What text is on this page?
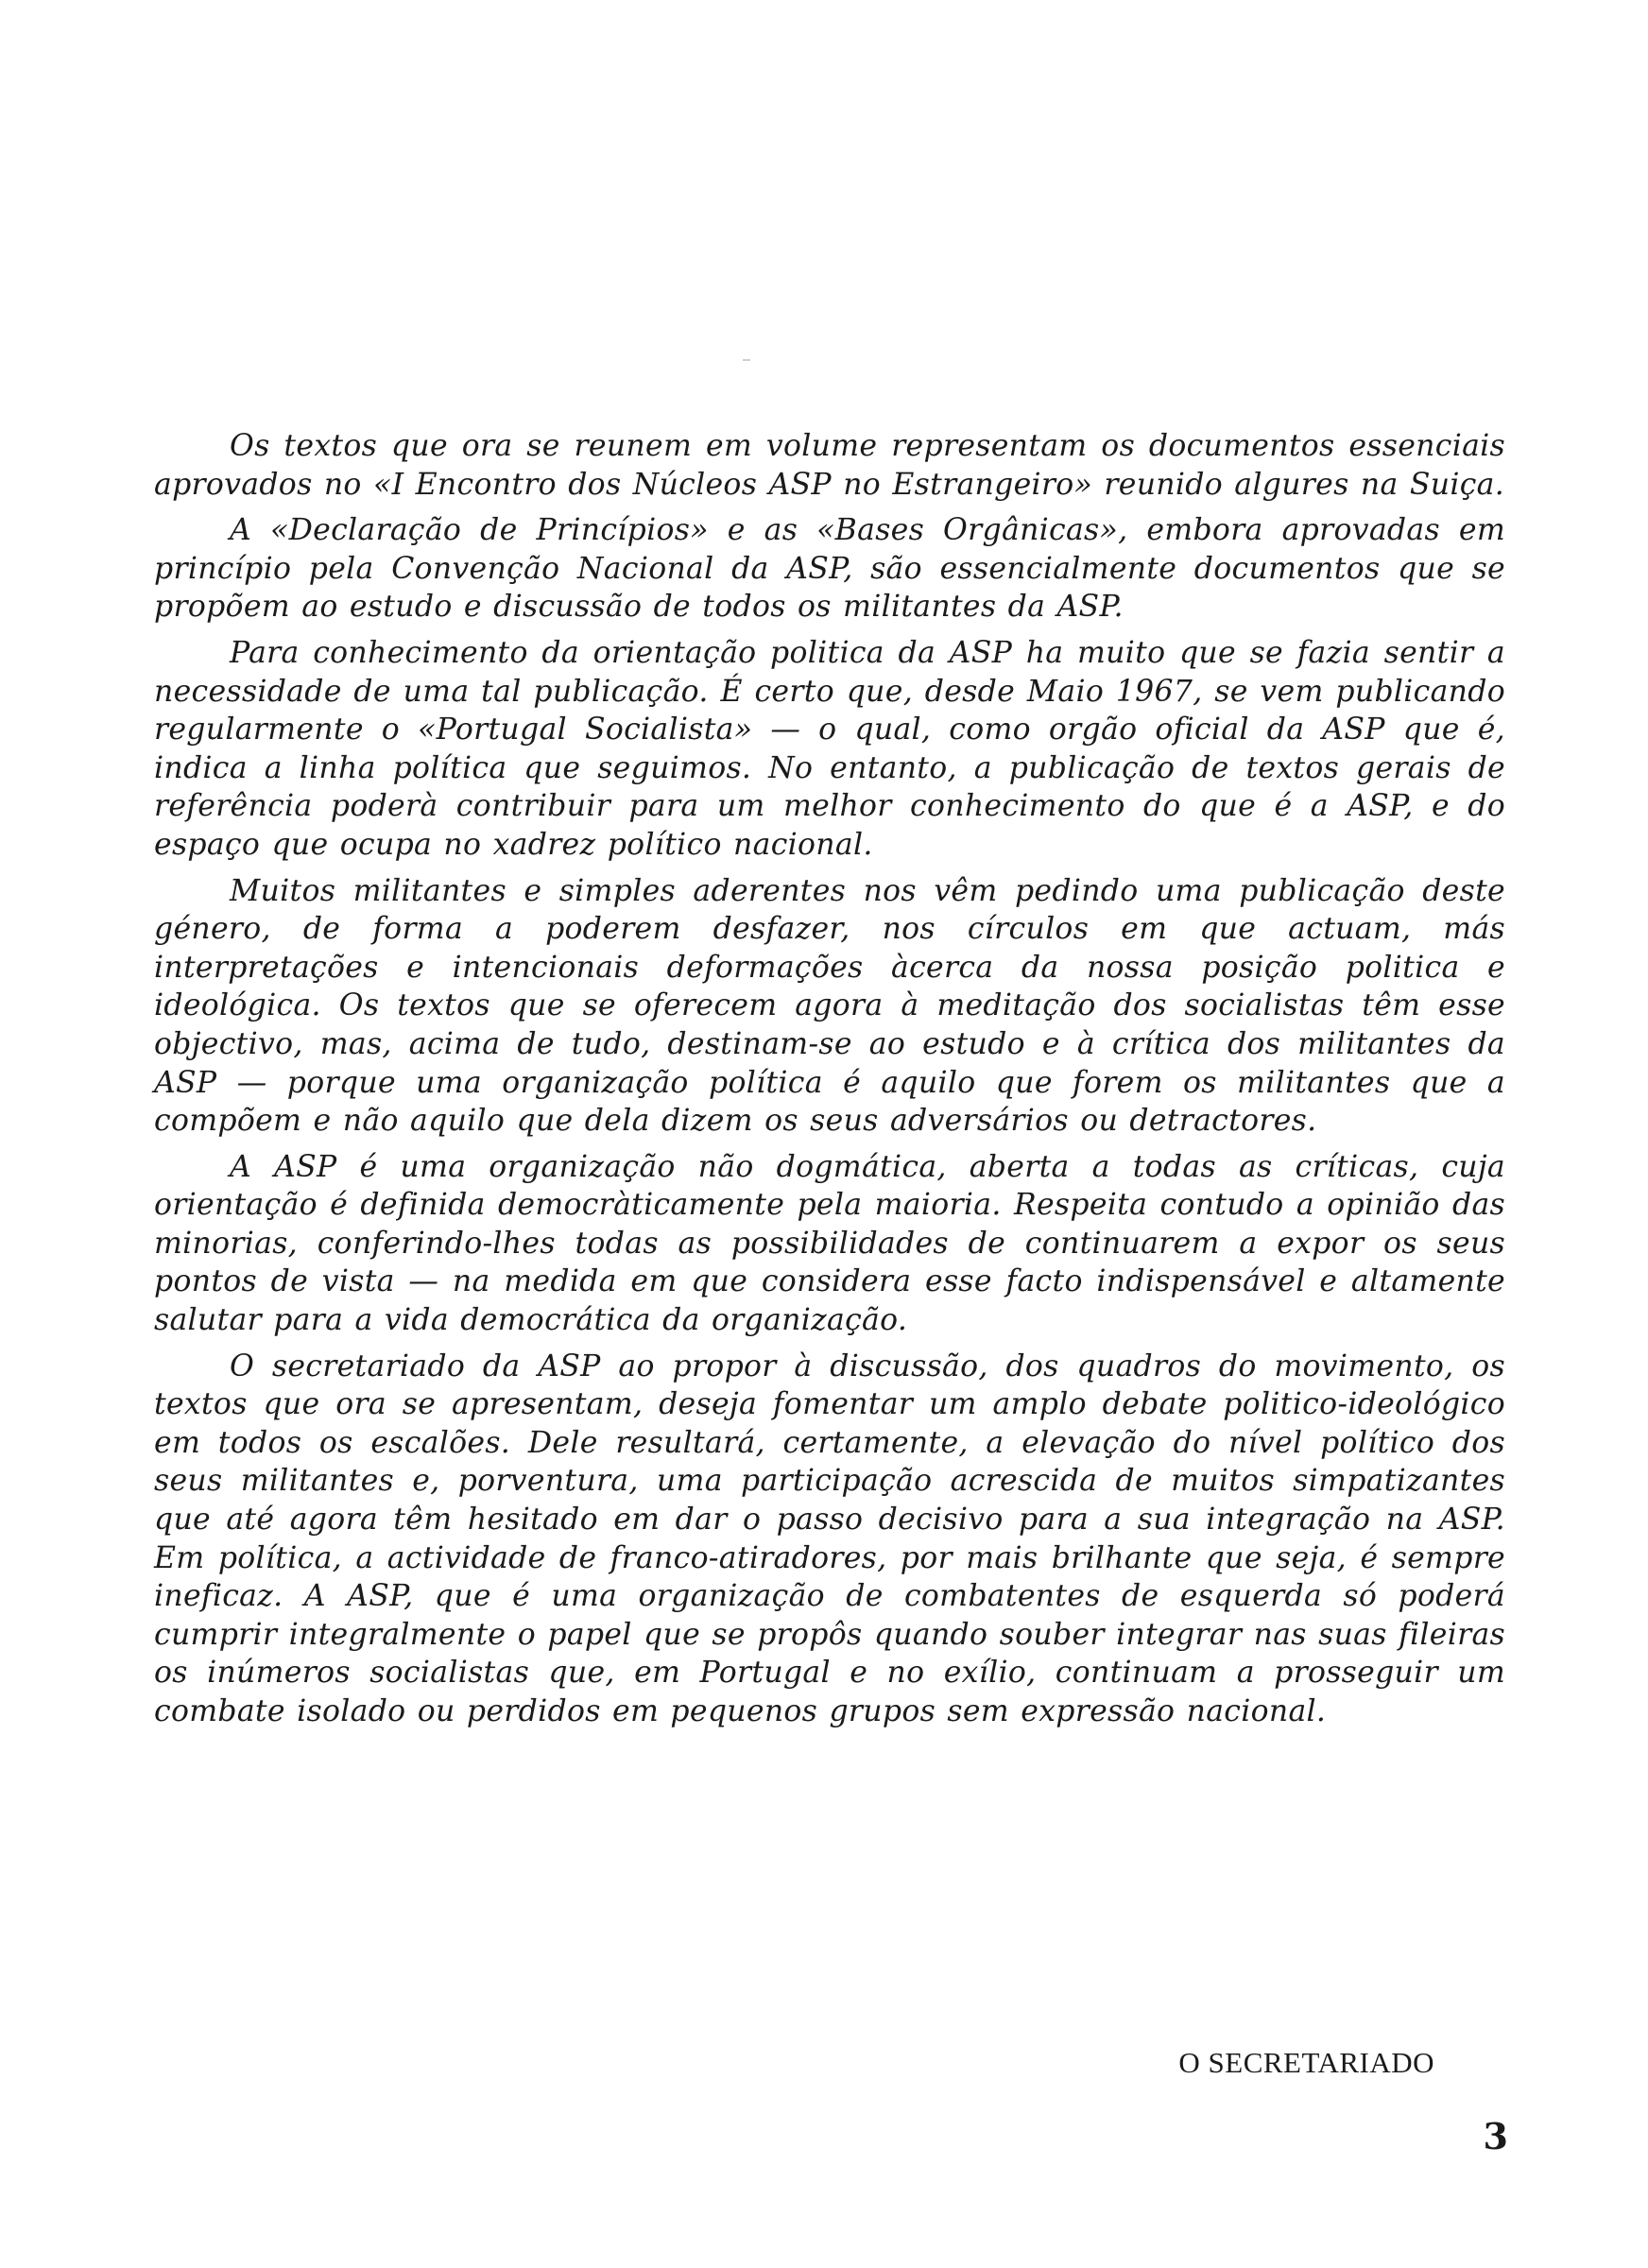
Os textos que ora se reunem em volume representam os documentos essenciais aprovados no «I Encontro dos Núcleos ASP no Estrangeiro» reunido algures na Suiça.

A «Declaração de Princípios» e as «Bases Orgânicas», embora aprovadas em princípio pela Convenção Nacional da ASP, são essencialmente documentos que se propõem ao estudo e discussão de todos os militantes da ASP.

Para conhecimento da orientação politica da ASP ha muito que se fazia sentir a necessidade de uma tal publicação. É certo que, desde Maio 1967, se vem publicando regularmente o «Portugal Socialista» — o qual, como orgão oficial da ASP que é, indica a linha política que seguimos. No entanto, a publicação de textos gerais de referência poderà contribuir para um melhor conhecimento do que é a ASP, e do espaço que ocupa no xadrez político nacional.

Muitos militantes e simples aderentes nos vêm pedindo uma publicação deste género, de forma a poderem desfazer, nos círculos em que actuam, más interpretações e intencionais deformações àcerca da nossa posição politica e ideológica. Os textos que se oferecem agora à meditação dos socialistas têm esse objectivo, mas, acima de tudo, destinam-se ao estudo e à crítica dos militantes da ASP — porque uma organização política é aquilo que forem os militantes que a compõem e não aquilo que dela dizem os seus adversários ou detractores.

A ASP é uma organização não dogmática, aberta a todas as críticas, cuja orientação é definida democràticamente pela maioria. Respeita contudo a opinião das minorias, conferindo-lhes todas as possibilidades de continuarem a expor os seus pontos de vista — na medida em que considera esse facto indispensável e altamente salutar para a vida democrática da organização.

O secretariado da ASP ao propor à discussão, dos quadros do movimento, os textos que ora se apresentam, deseja fomentar um amplo debate politico-ideológico em todos os escalões. Dele resultará, certamente, a elevação do nível político dos seus militantes e, porventura, uma participação acrescida de muitos simpatizantes que até agora têm hesitado em dar o passo decisivo para a sua integração na ASP. Em política, a actividade de franco-atiradores, por mais brilhante que seja, é sempre ineficaz. A ASP, que é uma organização de combatentes de esquerda só poderá cumprir integralmente o papel que se propôs quando souber integrar nas suas fileiras os inúmeros socialistas que, em Portugal e no exílio, continuam a prosseguir um combate isolado ou perdidos em pequenos grupos sem expressão nacional.

O SECRETARIADO
3
